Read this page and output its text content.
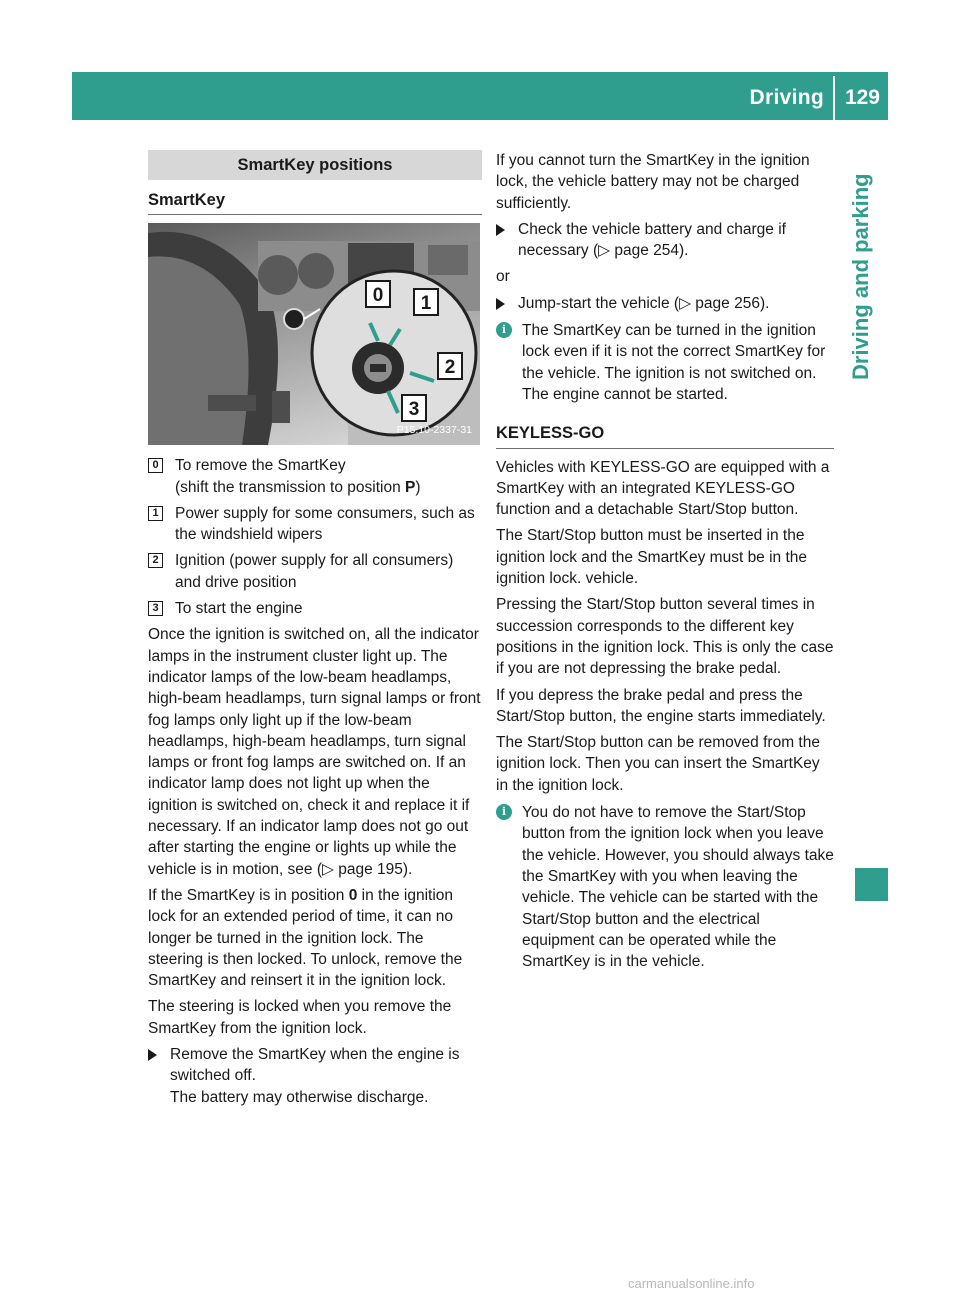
Driving 129
Driving and parking
SmartKey positions
SmartKey
0 1
2
3
P15.10-2337-31
0 To remove the SmartKey
(shift the transmission to position P)
1 Power supply for some consumers, such as the windshield wipers
2 Ignition (power supply for all consumers) and drive position
3 To start the engine

Once the ignition is switched on, all the indicator lamps in the instrument cluster light up. The indicator lamps of the low-beam headlamps, high-beam headlamps, turn signal lamps or front fog lamps only light up if the low-beam headlamps, high-beam headlamps, turn signal lamps or front fog lamps are switched on. If an indicator lamp does not light up when the ignition is switched on, check it and replace it if necessary. If an indicator lamp does not go out after starting the engine or lights up while the vehicle is in motion, see (▷ page 195).

If the SmartKey is in position 0 in the ignition lock for an extended period of time, it can no longer be turned in the ignition lock. The steering is then locked. To unlock, remove the SmartKey and reinsert it in the ignition lock.

The steering is locked when you remove the SmartKey from the ignition lock.

Remove the SmartKey when the engine is switched off.
The battery may otherwise discharge.

If you cannot turn the SmartKey in the ignition lock, the vehicle battery may not be charged sufficiently.

Check the vehicle battery and charge if necessary (▷ page 254).

or

Jump-start the vehicle (▷ page 256).
i	The SmartKey can be turned in the ignition lock even if it is not the correct SmartKey for the vehicle. The ignition is not switched on. The engine cannot be started.
KEYLESS-GO

Vehicles with KEYLESS-GO are equipped with a SmartKey with an integrated KEYLESS-GO function and a detachable Start/Stop button.

The Start/Stop button must be inserted in the ignition lock and the SmartKey must be in the ignition lock. vehicle.

Pressing the Start/Stop button several times in succession corresponds to the different key positions in the ignition lock. This is only the case if you are not depressing the brake pedal.

If you depress the brake pedal and press the Start/Stop button, the engine starts immediately.

The Start/Stop button can be removed from the ignition lock. Then you can insert the SmartKey in the ignition lock.

i	You do not have to remove the Start/Stop button from the ignition lock when you leave the vehicle. However, you should always take the SmartKey with you when leaving the vehicle. The vehicle can be started with the Start/Stop button and the electrical equipment can be operated while the SmartKey is in the vehicle.
carmanualsonline.info
